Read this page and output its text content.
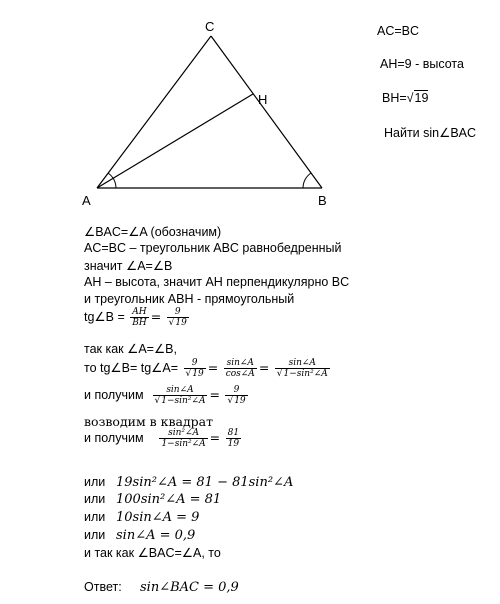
A	B
C
H
AC=BC
AH=9 - высота
BH=√19
Найти sin∠BAC
∠BAC=∠A (обозначим)
AC=BC – треугольник ABC равнобедренный
значит ∠A=∠B
AH – высота, значит AH перпендикулярно BC
и треугольник ABH - прямоугольный
tg∠B = $\frac{AH}{BH} = \frac{9}{√19}$
так как ∠A=∠B,
то tg∠B= tg∠A= $\frac{9}{√19} = \frac{\sin\angle A}{\cos\angle A} = \frac{\sin\angle A}{\text{√1−sin²∠A}}$
и получим $\frac{\sin\angle A}{\text{√1−sin²∠A}} = \frac{9}{√19}$
возводим в квадрат
и получим $\frac{\text{sin²∠A}}{\text{1−sin²∠A}} = \frac{81}{19}$
или 19sin²∠A = 81 − 81sin²∠A
или 100sin²∠A = 81
или 10sin∠A = 9
или sin∠A = 0,9
и так как ∠BAC=∠A, то
Ответ: sin∠BAC = 0,9
